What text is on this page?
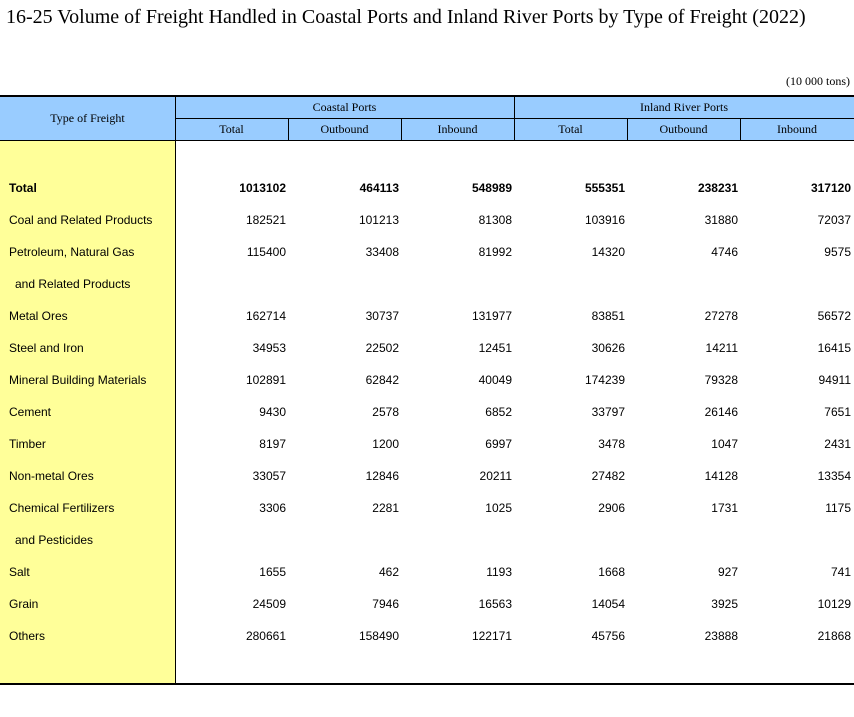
16-25 Volume of Freight Handled in Coastal Ports and Inland River Ports by Type of Freight (2022)
(10 000 tons)
Type of Freight
Coastal Ports	Inland River Ports
Total	Outbound	Inbound	Total	Outbound	Inbound
Total	1013102	464113	548989	555351	238231	317120
Coal and Related Products	182521	101213	81308	103916	31880	72037
Petroleum, Natural Gas	115400	33408	81992	14320	4746	9575
and Related Products
Metal Ores	162714	30737	131977	83851	27278	56572
Steel and Iron	34953	22502	12451	30626	14211	16415
Mineral Building Materials	102891	62842	40049	174239	79328	94911
Cement	9430	2578	6852	33797	26146	7651
Timber	8197	1200	6997	3478	1047	2431
Non-metal Ores	33057	12846	20211	27482	14128	13354
Chemical Fertilizers	3306	2281	1025	2906	1731	1175
and Pesticides
Salt	1655	462	1193	1668	927	741
Grain	24509	7946	16563	14054	3925	10129
Others	280661	158490	122171	45756	23888	21868
